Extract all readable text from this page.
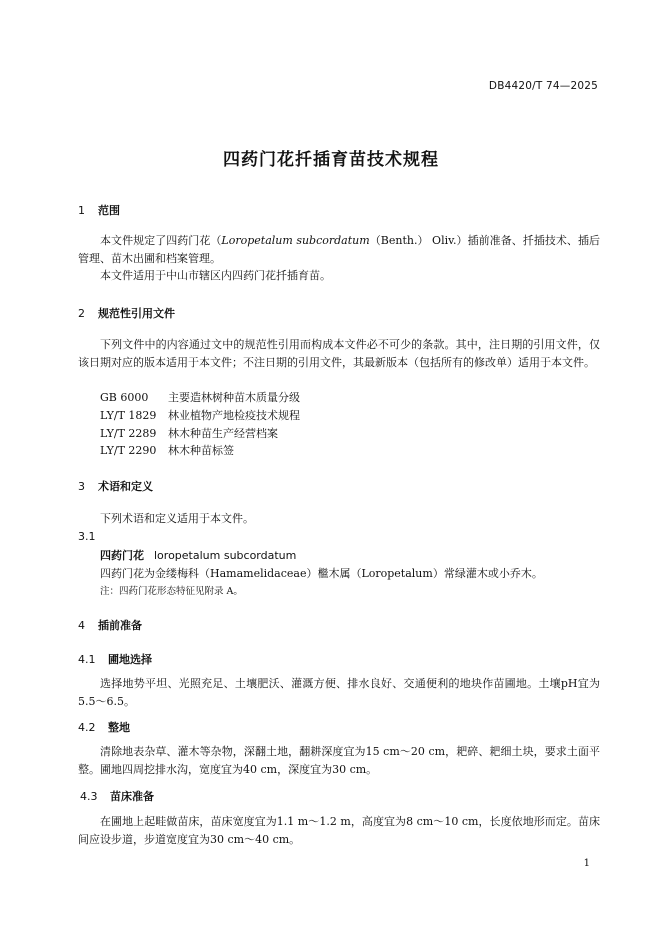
DB4420/T 74—2025
四药门花扦插育苗技术规程
1 范围
本文件规定了四药门花（Loropetalum subcordatum（Benth.） Oliv.）插前准备、扦插技术、插后管理、苗木出圃和档案管理。
本文件适用于中山市辖区内四药门花扦插育苗。
2 规范性引用文件
下列文件中的内容通过文中的规范性引用而构成本文件必不可少的条款。其中，注日期的引用文件，仅该日期对应的版本适用于本文件；不注日期的引用文件，其最新版本（包括所有的修改单）适用于本文件。
GB 6000 主要造林树种苗木质量分级
LY/T 1829 林业植物产地检疫技术规程
LY/T 2289 林木种苗生产经营档案
LY/T 2290 林木种苗标签
3 术语和定义
下列术语和定义适用于本文件。
3.1
四药门花 loropetalum subcordatum
四药门花为金缕梅科（Hamamelidaceae）檵木属（Loropetalum）常绿灌木或小乔木。
注：四药门花形态特征见附录 A。
4 插前准备
4.1 圃地选择
选择地势平坦、光照充足、土壤肥沃、灌溉方便、排水良好、交通便利的地块作苗圃地。土壤pH宜为5.5～6.5。
4.2 整地
清除地表杂草、灌木等杂物，深翻土地，翻耕深度宜为15 cm～20 cm，耙碎、耙细土块，要求土面平整。圃地四周挖排水沟，宽度宜为40 cm，深度宜为30 cm。
4.3 苗床准备
在圃地上起畦做苗床，苗床宽度宜为1.1 m～1.2 m，高度宜为8 cm～10 cm，长度依地形而定。苗床间应设步道，步道宽度宜为30 cm～40 cm。
1
